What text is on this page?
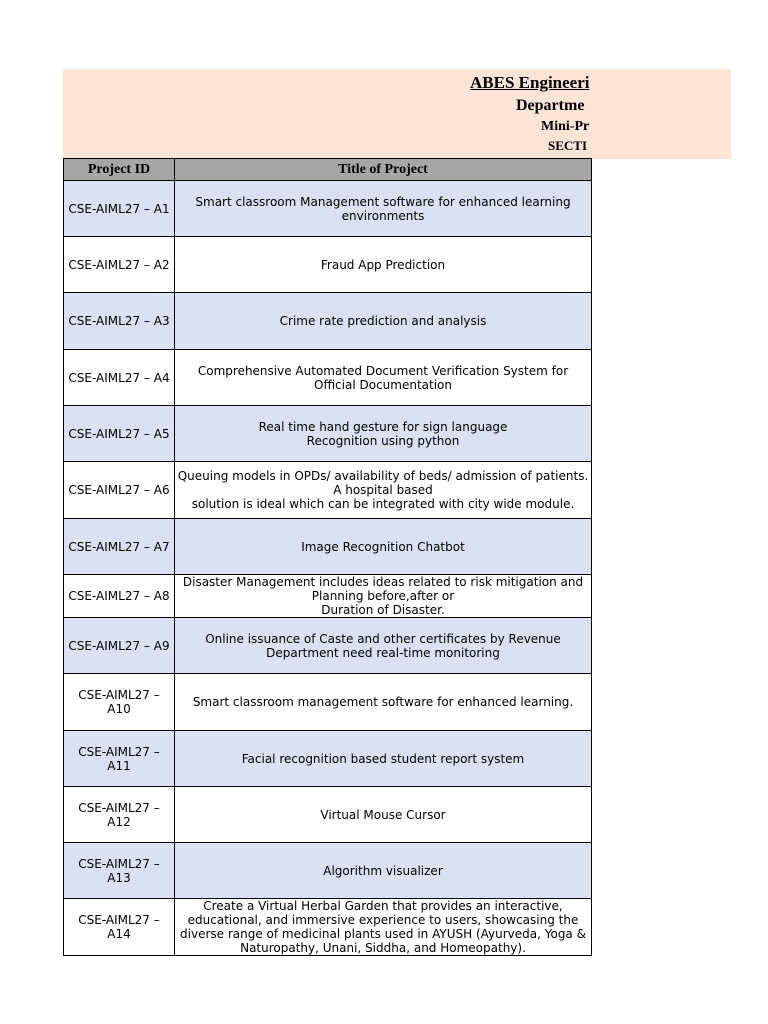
ABES Engineeri
Departme
Mini-Pr
SECTI
Project ID	Title of Project
CSE-AIML27 – A1	Smart classroom Management software for enhanced learning environments
CSE-AIML27 – A2	Fraud App Prediction
CSE-AIML27 – A3	Crime rate prediction and analysis
CSE-AIML27 – A4	Comprehensive Automated Document Verification System for Official Documentation
CSE-AIML27 – A5	Real time hand gesture for sign language
Recognition using python
CSE-AIML27 – A6	Queuing models in OPDs/ availability of beds/ admission of patients. A hospital based
solution is ideal which can be integrated with city wide module.
CSE-AIML27 – A7	Image Recognition Chatbot
CSE-AIML27 – A8	Disaster Management includes ideas related to risk mitigation and Planning before,after or
Duration of Disaster.
CSE-AIML27 – A9	Online issuance of Caste and other certificates by Revenue Department need real-time monitoring
CSE-AIML27 – A10	Smart classroom management software for enhanced learning.
CSE-AIML27 – A11	Facial recognition based student report system
CSE-AIML27 – A12	Virtual Mouse Cursor
CSE-AIML27 – A13	Algorithm visualizer
CSE-AIML27 – A14	Create a Virtual Herbal Garden that provides an interactive, educational, and immersive experience to users, showcasing the diverse range of medicinal plants used in AYUSH (Ayurveda, Yoga & Naturopathy, Unani, Siddha, and Homeopathy).
